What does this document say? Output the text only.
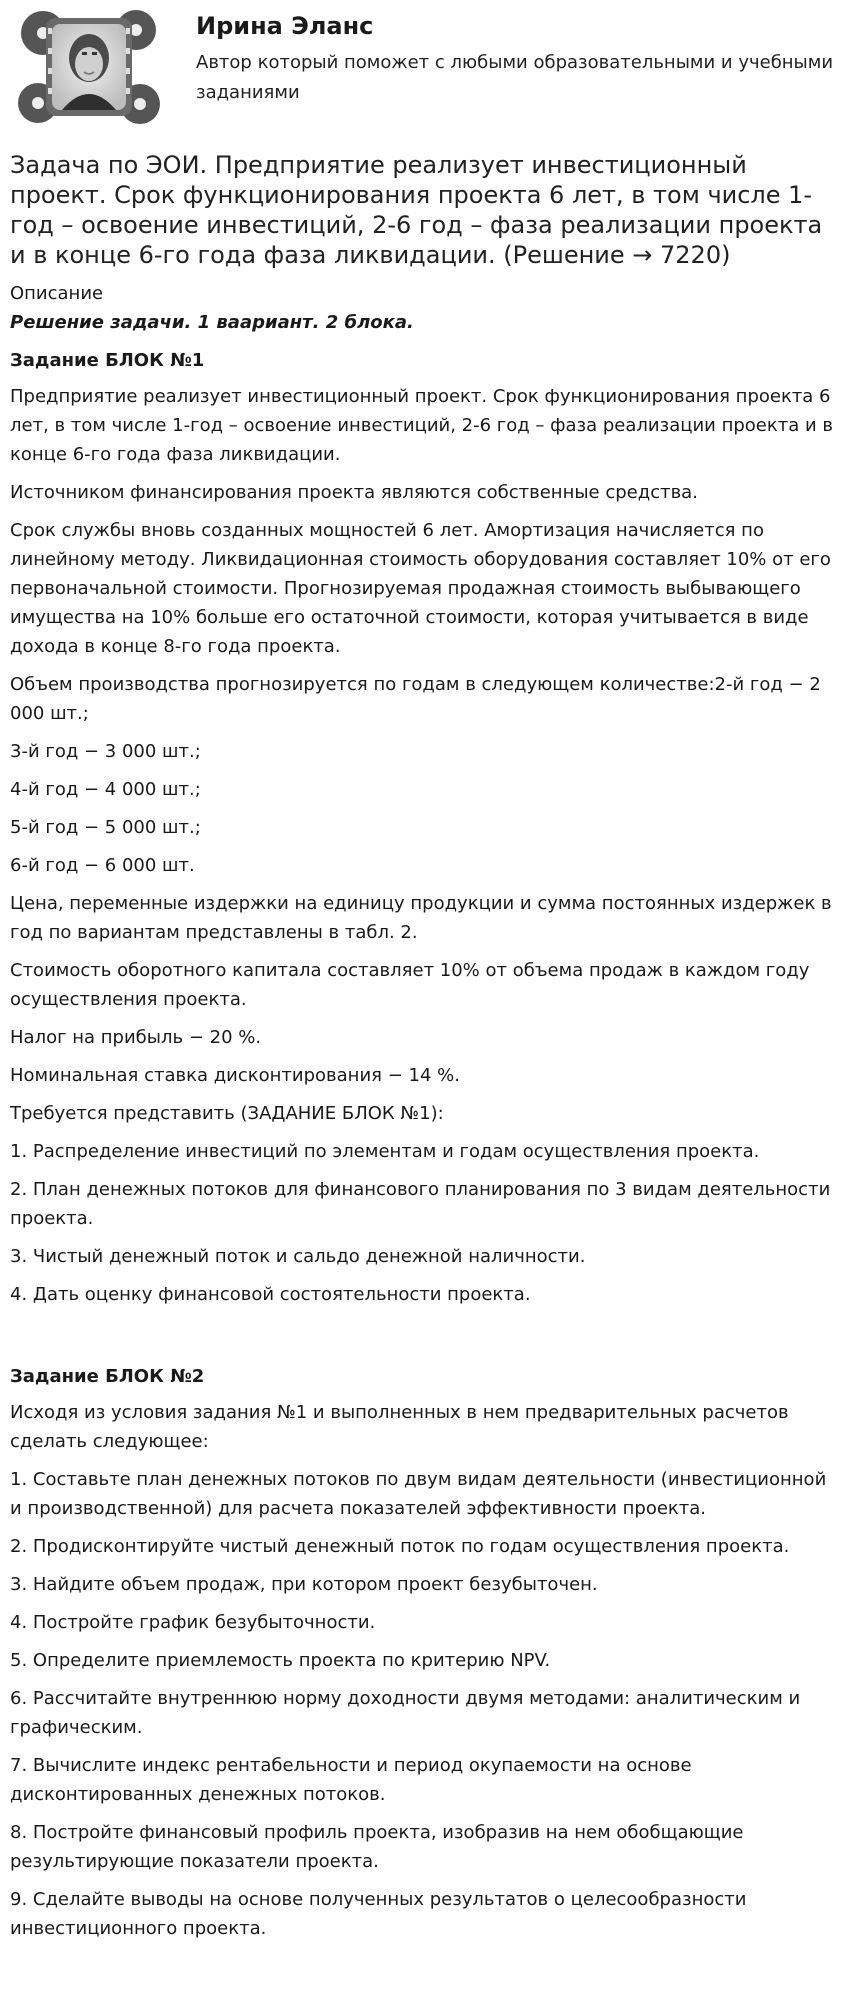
Ирина Эланс

Автор который поможет с любыми образовательными и учебными заданиями

Задача по ЭОИ. Предприятие реализует инвестиционный проект. Срок функционирования проекта 6 лет, в том числе 1-год – освоение инвестиций, 2-6 год – фаза реализации проекта и в конце 6-го года фаза ликвидации. (Решение → 7220)

Описание

Решение задачи. 1 ваариант. 2 блока.

Задание БЛОК №1

Предприятие реализует инвестиционный проект. Срок функционирования проекта 6 лет, в том числе 1-год – освоение инвестиций, 2-6 год – фаза реализации проекта и в конце 6-го года фаза ликвидации.

Источником финансирования проекта являются собственные средства.

Срок службы вновь созданных мощностей 6 лет. Амортизация начисляется по линейному методу. Ликвидационная стоимость оборудования составляет 10% от его первоначальной стоимости. Прогнозируемая продажная стоимость выбывающего имущества на 10% больше его остаточной стоимости, которая учитывается в виде дохода в конце 8-го года проекта.

Объем производства прогнозируется по годам в следующем количестве:2-й год − 2 000 шт.;

3-й год − 3 000 шт.;

4-й год − 4 000 шт.;

5-й год − 5 000 шт.;

6-й год − 6 000 шт.

Цена, переменные издержки на единицу продукции и сумма постоянных издержек в год по вариантам представлены в табл. 2.

Стоимость оборотного капитала составляет 10% от объема продаж в каждом году осуществления проекта.

Налог на прибыль − 20 %.

Номинальная ставка дисконтирования − 14 %.

Требуется представить (ЗАДАНИЕ БЛОК №1):

1. Распределение инвестиций по элементам и годам осуществления проекта.

2. План денежных потоков для финансового планирования по 3 видам деятельности проекта.

3. Чистый денежный поток и сальдо денежной наличности.

4. Дать оценку финансовой состоятельности проекта.

Задание БЛОК №2

Исходя из условия задания №1 и выполненных в нем предварительных расчетов сделать следующее:

1. Составьте план денежных потоков по двум видам деятельности (инвестиционной и производственной) для расчета показателей эффективности проекта.

2. Продисконтируйте чистый денежный поток по годам осуществления проекта.

3. Найдите объем продаж, при котором проект безубыточен.

4. Постройте график безубыточности.

5. Определите приемлемость проекта по критерию NPV.

6. Рассчитайте внутреннюю норму доходности двумя методами: аналитическим и графическим.

7. Вычислите индекс рентабельности и период окупаемости на основе дисконтированных денежных потоков.

8. Постройте финансовый профиль проекта, изобразив на нем обобщающие результирующие показатели проекта.

9. Сделайте выводы на основе полученных результатов о целесообразности инвестиционного проекта.
